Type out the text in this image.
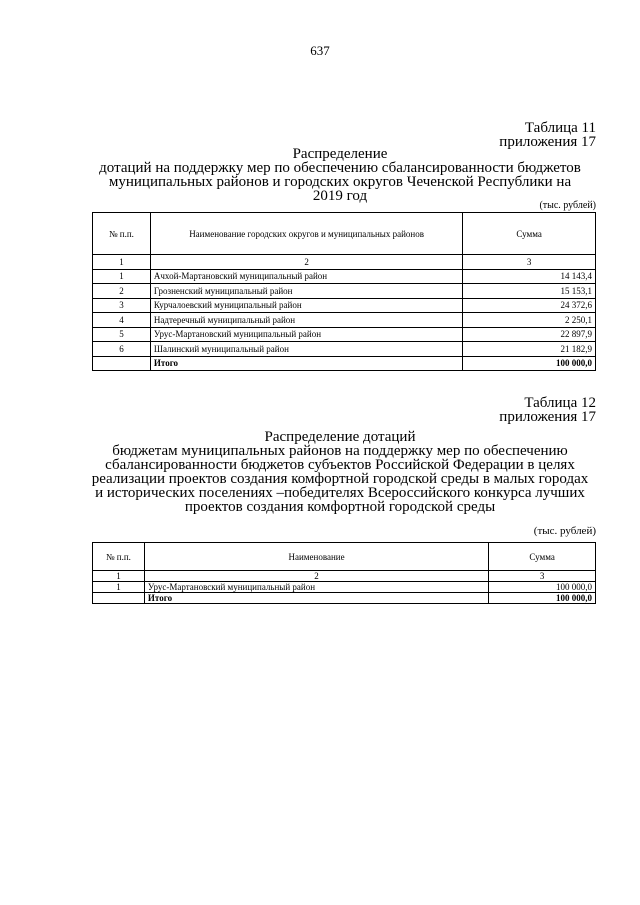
637
Таблица 11
приложения 17
Распределение
дотаций на поддержку мер по обеспечению сбалансированности бюджетов
муниципальных районов и городских округов Чеченской Республики на
2019 год
(тыс. рублей)
№ п.п.	Наименование городских округов и муниципальных районов	Сумма
1	2	3
1	Ачхой-Мартановский муниципальный район	14 143,4
2	Грозненский муниципальный район	15 153,1
3	Курчалоевский муниципальный район	24 372,6
4	Надтеречный муниципальный район	2 250,1
5	Урус-Мартановский муниципальный район	22 897,9
6	Шалинский муниципальный район	21 182,9
	Итого	100 000,0
Таблица 12
приложения 17
Распределение дотаций
бюджетам муниципальных районов на поддержку мер по обеспечению
сбалансированности бюджетов субъектов Российской Федерации в целях
реализации проектов создания комфортной городской среды в малых городах
и исторических поселениях –победителях Всероссийского конкурса лучших
проектов создания комфортной городской среды
(тыс. рублей)
№ п.п.	Наименование	Сумма
1	2	3
1	Урус-Мартановский муниципальный район	100 000,0
	Итого	100 000,0
